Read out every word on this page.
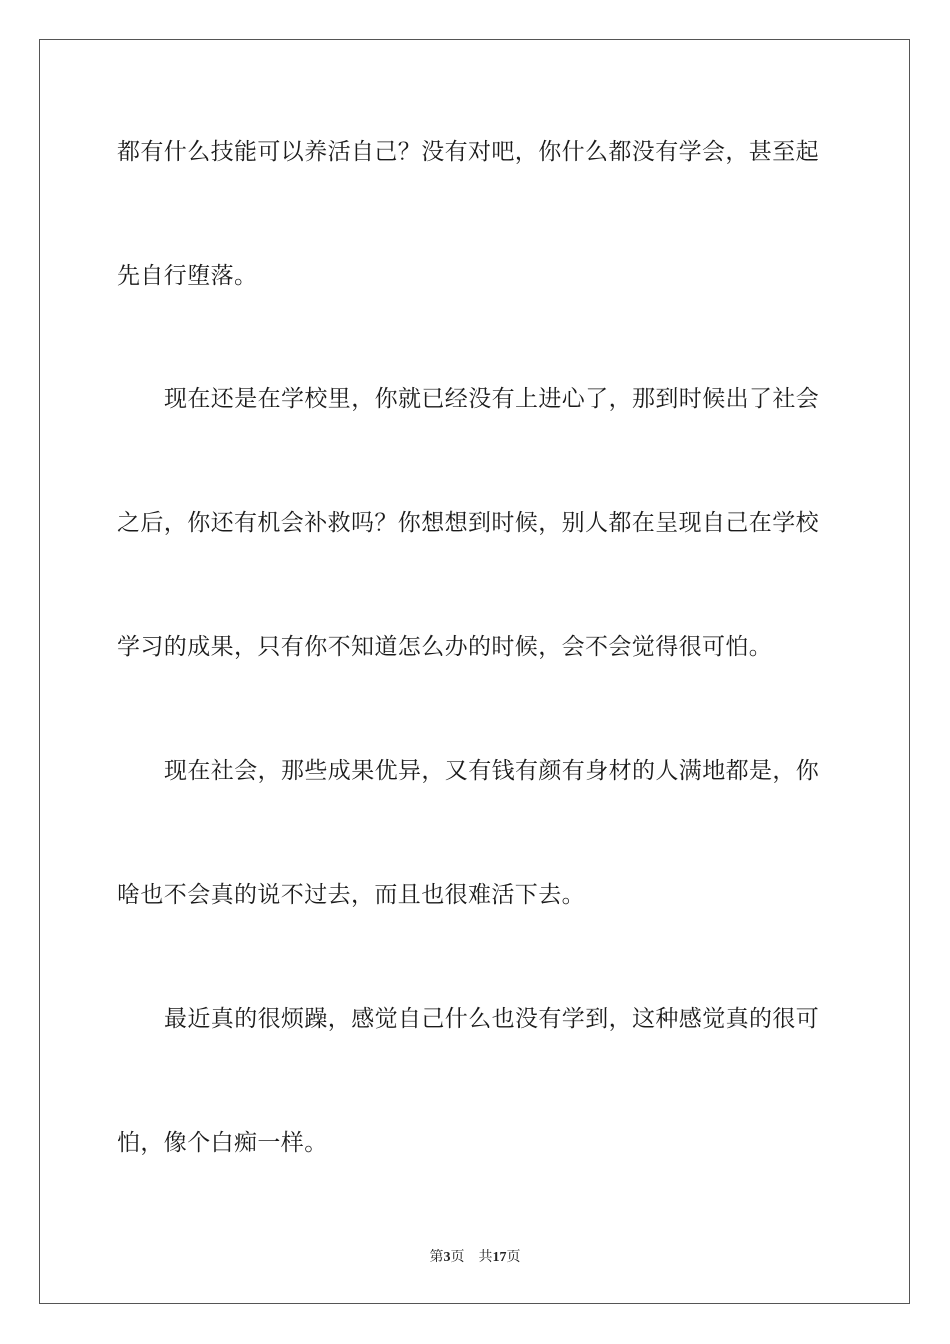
都有什么技能可以养活自己？没有对吧，你什么都没有学会，甚至起
先自行堕落。
现在还是在学校里，你就已经没有上进心了，那到时候出了社会
之后，你还有机会补救吗？你想想到时候，别人都在呈现自己在学校
学习的成果，只有你不知道怎么办的时候，会不会觉得很可怕。
现在社会，那些成果优异，又有钱有颜有身材的人满地都是，你
啥也不会真的说不过去，而且也很难活下去。
最近真的很烦躁，感觉自己什么也没有学到，这种感觉真的很可
怕，像个白痴一样。
第3页 共17页
